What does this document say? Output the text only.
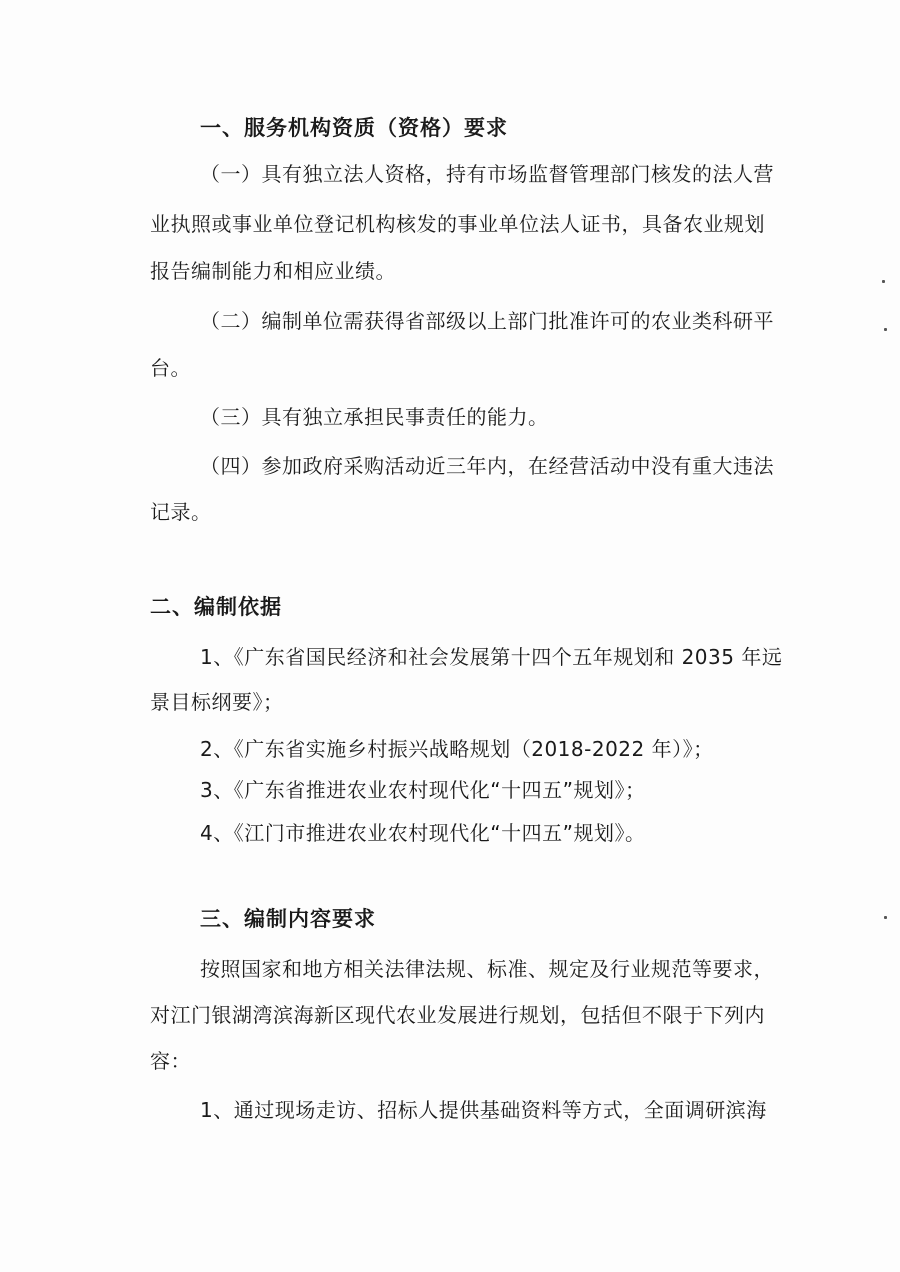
一、服务机构资质（资格）要求
（一）具有独立法人资格，持有市场监督管理部门核发的法人营
业执照或事业单位登记机构核发的事业单位法人证书，具备农业规划
报告编制能力和相应业绩。
（二）编制单位需获得省部级以上部门批准许可的农业类科研平
台。
（三）具有独立承担民事责任的能力。
（四）参加政府采购活动近三年内，在经营活动中没有重大违法
记录。
二、编制依据
1、《广东省国民经济和社会发展第十四个五年规划和 2035 年远
景目标纲要》；
2、《广东省实施乡村振兴战略规划（2018-2022 年）》；
3、《广东省推进农业农村现代化“十四五”规划》；
4、《江门市推进农业农村现代化“十四五”规划》。
三、编制内容要求
按照国家和地方相关法律法规、标准、规定及行业规范等要求，
对江门银湖湾滨海新区现代农业发展进行规划，包括但不限于下列内
容：
1、通过现场走访、招标人提供基础资料等方式，全面调研滨海
